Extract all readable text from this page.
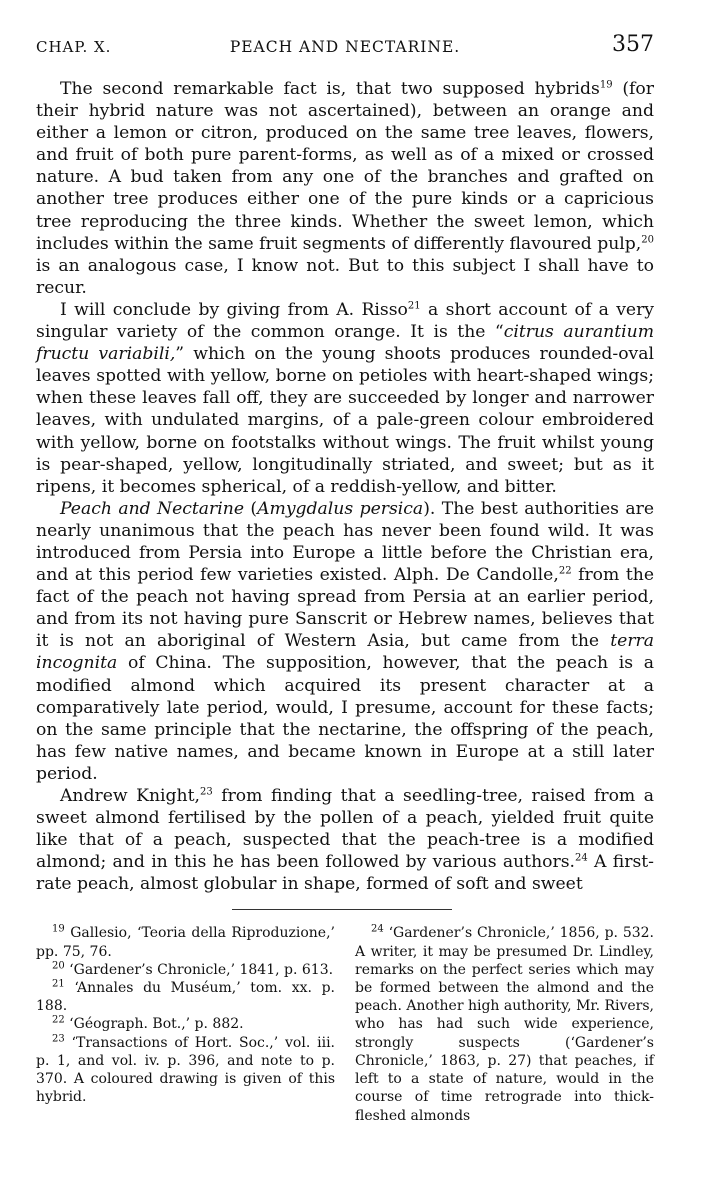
CHAP. X.	PEACH AND NECTARINE.	357

The second remarkable fact is, that two supposed hybrids$^{19}$ (for their hybrid nature was not ascertained), between an orange and either a lemon or citron, produced on the same tree leaves, flowers, and fruit of both pure parent-forms, as well as of a mixed or crossed nature. A bud taken from any one of the branches and grafted on another tree produces either one of the pure kinds or a capricious tree reproducing the three kinds. Whether the sweet lemon, which includes within the same fruit segments of differently flavoured pulp,$^{20}$ is an analogous case, I know not. But to this subject I shall have to recur.

I will conclude by giving from A. Risso$^{21}$ a short account of a very singular variety of the common orange. It is the “citrus aurantium fructu variabili,” which on the young shoots produces rounded-oval leaves spotted with yellow, borne on petioles with heart-shaped wings; when these leaves fall off, they are succeeded by longer and narrower leaves, with undulated margins, of a pale-green colour embroidered with yellow, borne on footstalks without wings. The fruit whilst young is pear-shaped, yellow, longitudinally striated, and sweet; but as it ripens, it becomes spherical, of a reddish-yellow, and bitter.

Peach and Nectarine (Amygdalus persica). The best authorities are nearly unanimous that the peach has never been found wild. It was introduced from Persia into Europe a little before the Christian era, and at this period few varieties existed. Alph. De Candolle,$^{22}$ from the fact of the peach not having spread from Persia at an earlier period, and from its not having pure Sanscrit or Hebrew names, believes that it is not an aboriginal of Western Asia, but came from the terra incognita of China. The supposition, however, that the peach is a modified almond which acquired its present character at a comparatively late period, would, I presume, account for these facts; on the same principle that the nectarine, the offspring of the peach, has few native names, and became known in Europe at a still later period.

Andrew Knight,$^{23}$ from finding that a seedling-tree, raised from a sweet almond fertilised by the pollen of a peach, yielded fruit quite like that of a peach, suspected that the peach-tree is a modified almond; and in this he has been followed by various authors.$^{24}$ A first-rate peach, almost globular in shape, formed of soft and sweet

$^{19}$ Gallesio, ‘Teoria della Riproduzione,’ pp. 75, 76.

$^{20}$ ‘Gardener’s Chronicle,’ 1841, p. 613.

$^{21}$ ‘Annales du Muséum,’ tom. xx. p. 188.

$^{22}$ ‘Géograph. Bot.,’ p. 882.

$^{23}$ ‘Transactions of Hort. Soc.,’ vol. iii. p. 1, and vol. iv. p. 396, and note to p. 370. A coloured drawing is given of this hybrid.

$^{24}$ ‘Gardener’s Chronicle,’ 1856, p. 532. A writer, it may be presumed Dr. Lindley, remarks on the perfect series which may be formed between the almond and the peach. Another high authority, Mr. Rivers, who has had such wide experience, strongly suspects (‘Gardener’s Chronicle,’ 1863, p. 27) that peaches, if left to a state of nature, would in the course of time retrograde into thick-fleshed almonds
